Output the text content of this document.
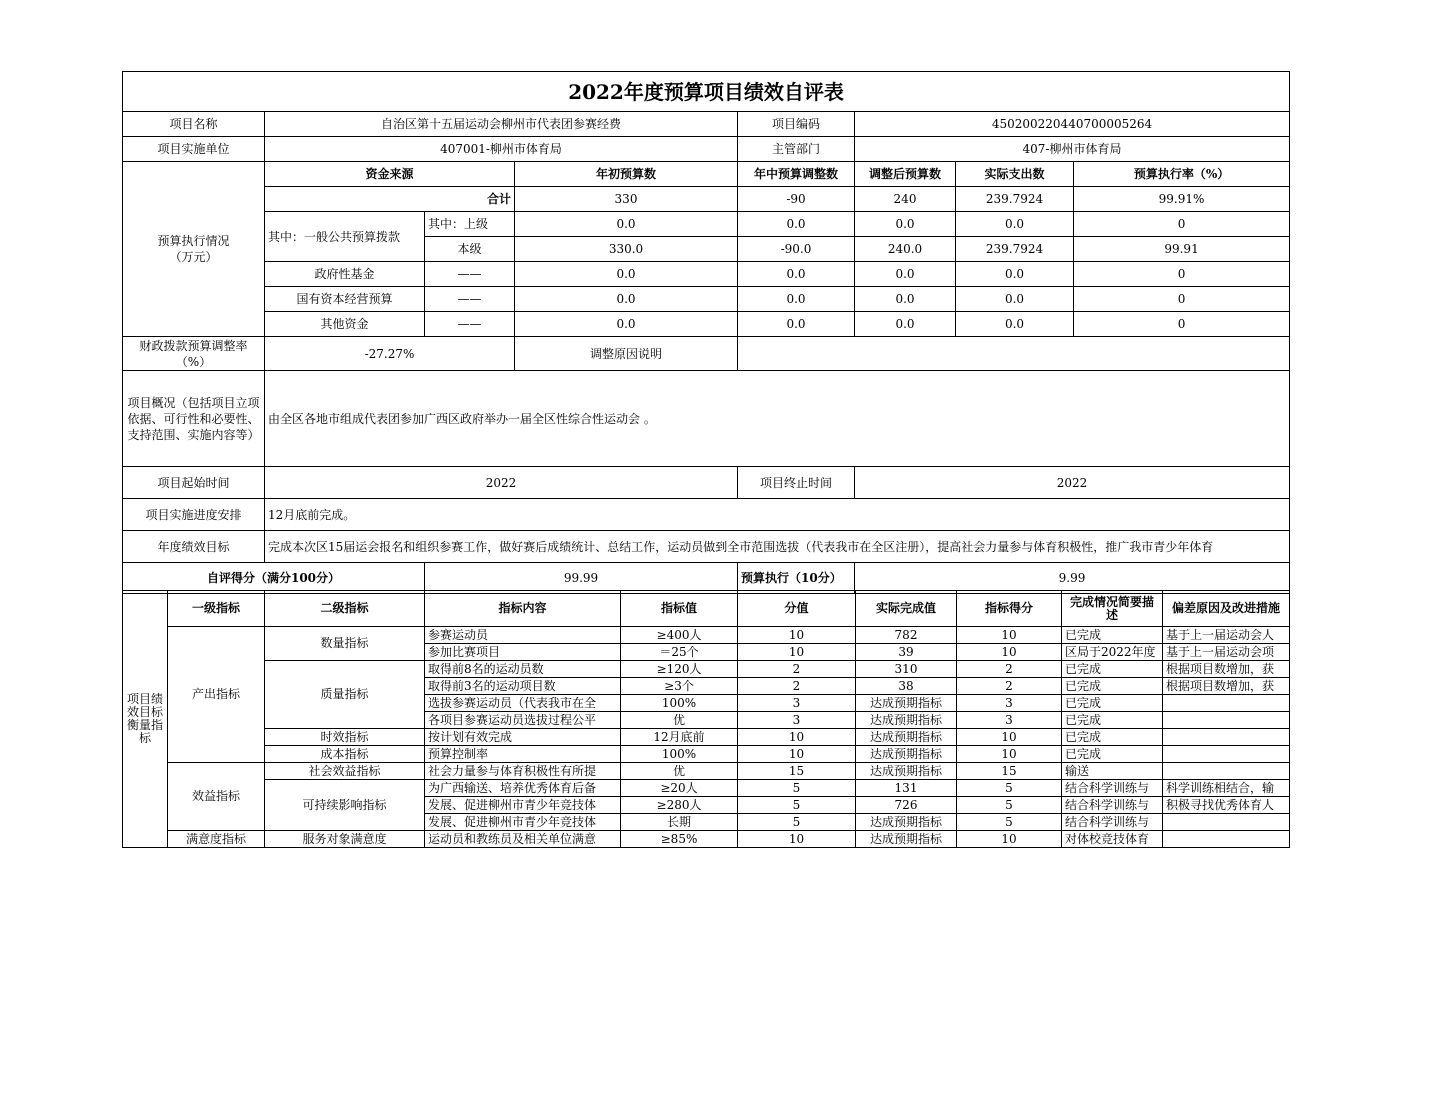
2022年度预算项目绩效自评表							
项目名称	自治区第十五届运动会柳州市代表团参赛经费			项目编码	450200220440700005264		
项目实施单位	407001-柳州市体育局			主管部门	407-柳州市体育局		
预算执行情况
（万元）	资金来源		年初预算数	年中预算调整数	调整后预算数	实际支出数	预算执行率（%）
	合计		330	-90	240	239.7924	99.91%
	其中：一般公共预算拨款	其中：上级	0.0	0.0	0.0	0.0	0
		本级	330.0	-90.0	240.0	239.7924	99.91
	政府性基金	——	0.0	0.0	0.0	0.0	0
	国有资本经营预算	——	0.0	0.0	0.0	0.0	0
	其他资金	——	0.0	0.0	0.0	0.0	0
财政拨款预算调整率（%）	-27.27%		调整原因说明				
项目概况（包括项目立项依据、可行性和必要性、支持范围、实施内容等）	由全区各地市组成代表团参加广西区政府举办一届全区性综合性运动会 。						
项目起始时间	2022			项目终止时间	2022		
项目实施进度安排	12月底前完成。						
年度绩效目标	完成本次区15届运会报名和组织参赛工作，做好赛后成绩统计、总结工作，运动员做到全市范围选拔（代表我市在全区注册），提高社会力量参与体育积极性，推广我市青少年体育						
自评得分（满分100分）		99.99		预算执行（10分）	9.99		
项目绩效目标衡量指标	一级指标	二级指标	指标内容	指标值	分值	实际完成值	指标得分	完成情况简要描述	偏差原因及改进措施
	产出指标	数量指标	参赛运动员	≥400人	10	782	10	已完成	基于上一届运动会人
			参加比赛项目	＝25个	10	39	10	区局于2022年度	基于上一届运动会项
		质量指标	取得前8名的运动员数	≥120人	2	310	2	已完成	根据项目数增加，获
			取得前3名的运动项目数	≥3个	2	38	2	已完成	根据项目数增加，获
			选拔参赛运动员（代表我市在全	100%	3	达成预期指标	3	已完成	
			各项目参赛运动员选拔过程公平	优	3	达成预期指标	3	已完成	
		时效指标	按计划有效完成	12月底前	10	达成预期指标	10	已完成	
		成本指标	预算控制率	100%	10	达成预期指标	10	已完成	
	效益指标	社会效益指标	社会力量参与体育积极性有所提	优	15	达成预期指标	15	输送	
		可持续影响指标	为广西输送、培养优秀体育后备	≥20人	5	131	5	结合科学训练与	科学训练相结合，输
			发展、促进柳州市青少年竞技体	≥280人	5	726	5	结合科学训练与	积极寻找优秀体育人
			发展、促进柳州市青少年竞技体	长期	5	达成预期指标	5	结合科学训练与	
	满意度指标	服务对象满意度	运动员和教练员及相关单位满意	≥85%	10	达成预期指标	10	对体校竞技体育	
